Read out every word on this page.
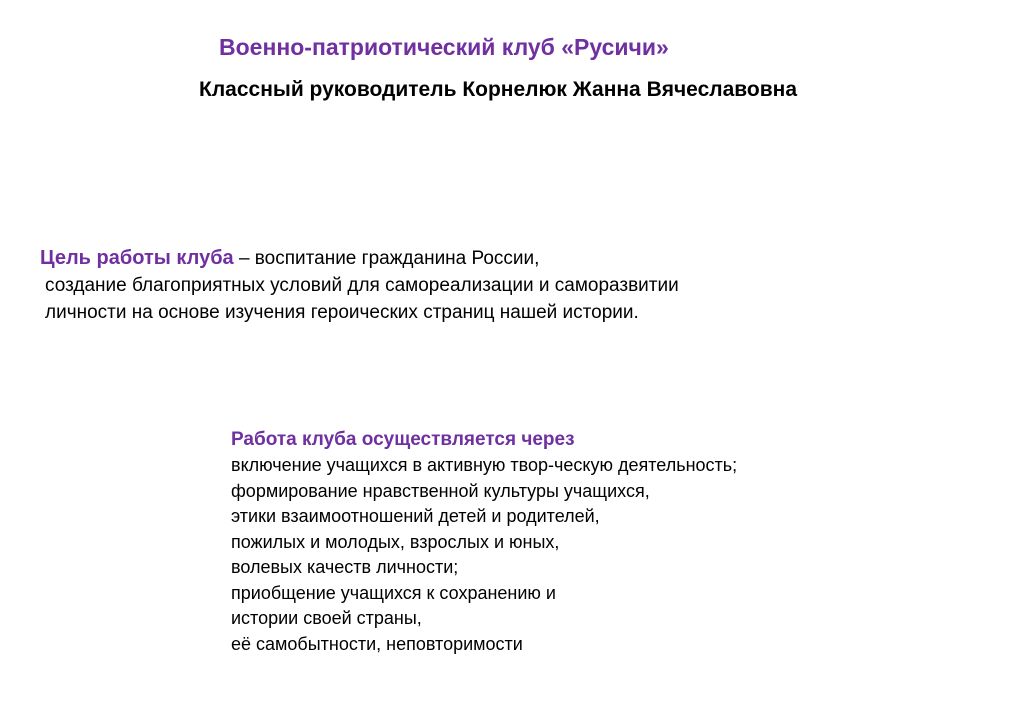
Военно-патриотический клуб «Русичи»
Классный руководитель Корнелюк Жанна Вячеславовна
Цель работы клуба – воспитание гражданина России,
создание благоприятных условий для самореализации и саморазвитии
личности на основе изучения героических страниц нашей истории.
Работа клуба осуществляется через
включение учащихся в активную твор-ческую деятельность;
формирование нравственной культуры учащихся,
этики взаимоотношений детей и родителей,
пожилых и молодых, взрослых и юных,
волевых качеств личности;
приобщение учащихся к сохранению и
истории своей страны,
её самобытности, неповторимости
